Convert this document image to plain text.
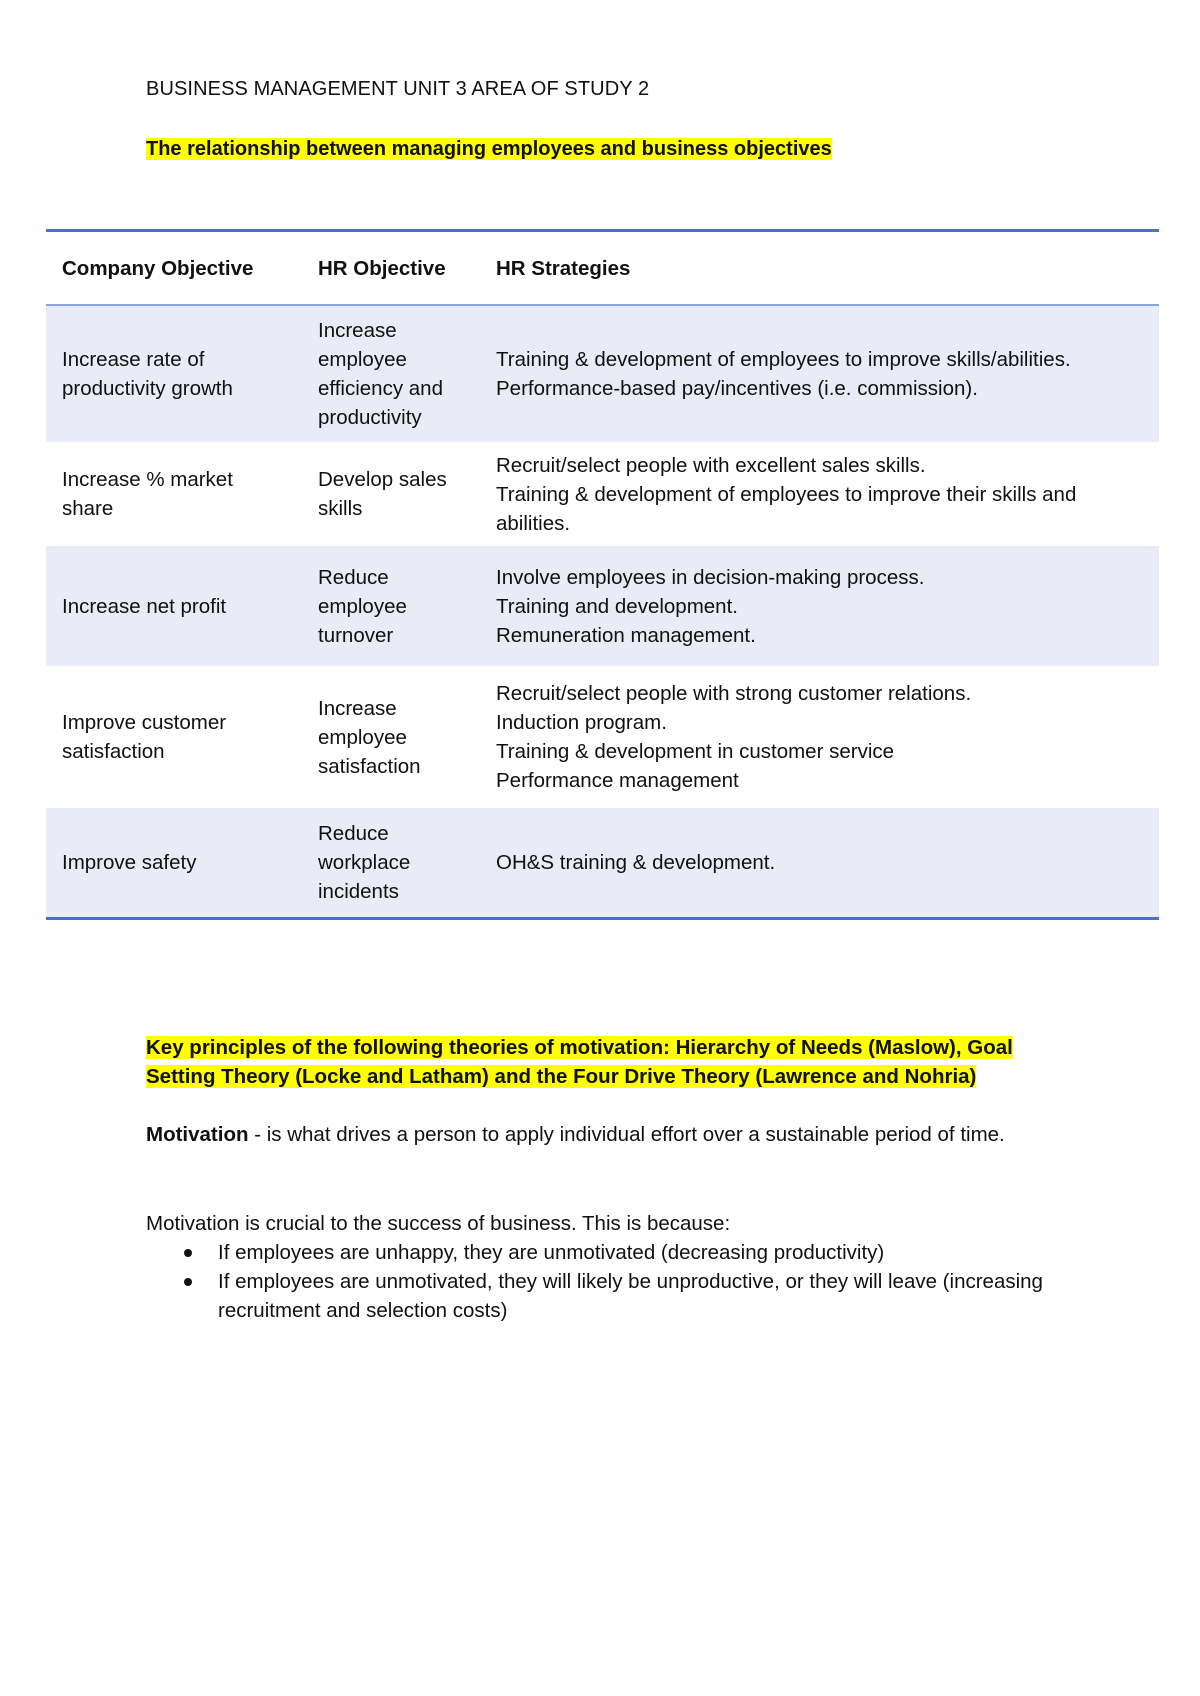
BUSINESS MANAGEMENT UNIT 3 AREA OF STUDY 2
The relationship between managing employees and business objectives
Company Objective	HR Objective	HR Strategies
Increase rate of productivity growth	Increase employee efficiency and productivity	Training & development of employees to improve skills/abilities.
Performance-based pay/incentives (i.e. commission).

Increase % market share	Develop sales skills	Recruit/select people with excellent sales skills.
Training & development of employees to improve their skills and abilities.

Increase net profit	Reduce employee turnover	Involve employees in decision-making process.
Training and development.
Remuneration management.

Improve customer satisfaction	Increase employee satisfaction	Recruit/select people with strong customer relations.
Induction program.
Training & development in customer service
Performance management

Improve safety	Reduce workplace incidents	OH&S training & development.
Key principles of the following theories of motivation: Hierarchy of Needs (Maslow), Goal Setting Theory (Locke and Latham) and the Four Drive Theory (Lawrence and Nohria)
Motivation - is what drives a person to apply individual effort over a sustainable period of time.
Motivation is crucial to the success of business. This is because:
If employees are unhappy, they are unmotivated (decreasing productivity)
If employees are unmotivated, they will likely be unproductive, or they will leave (increasing recruitment and selection costs)
